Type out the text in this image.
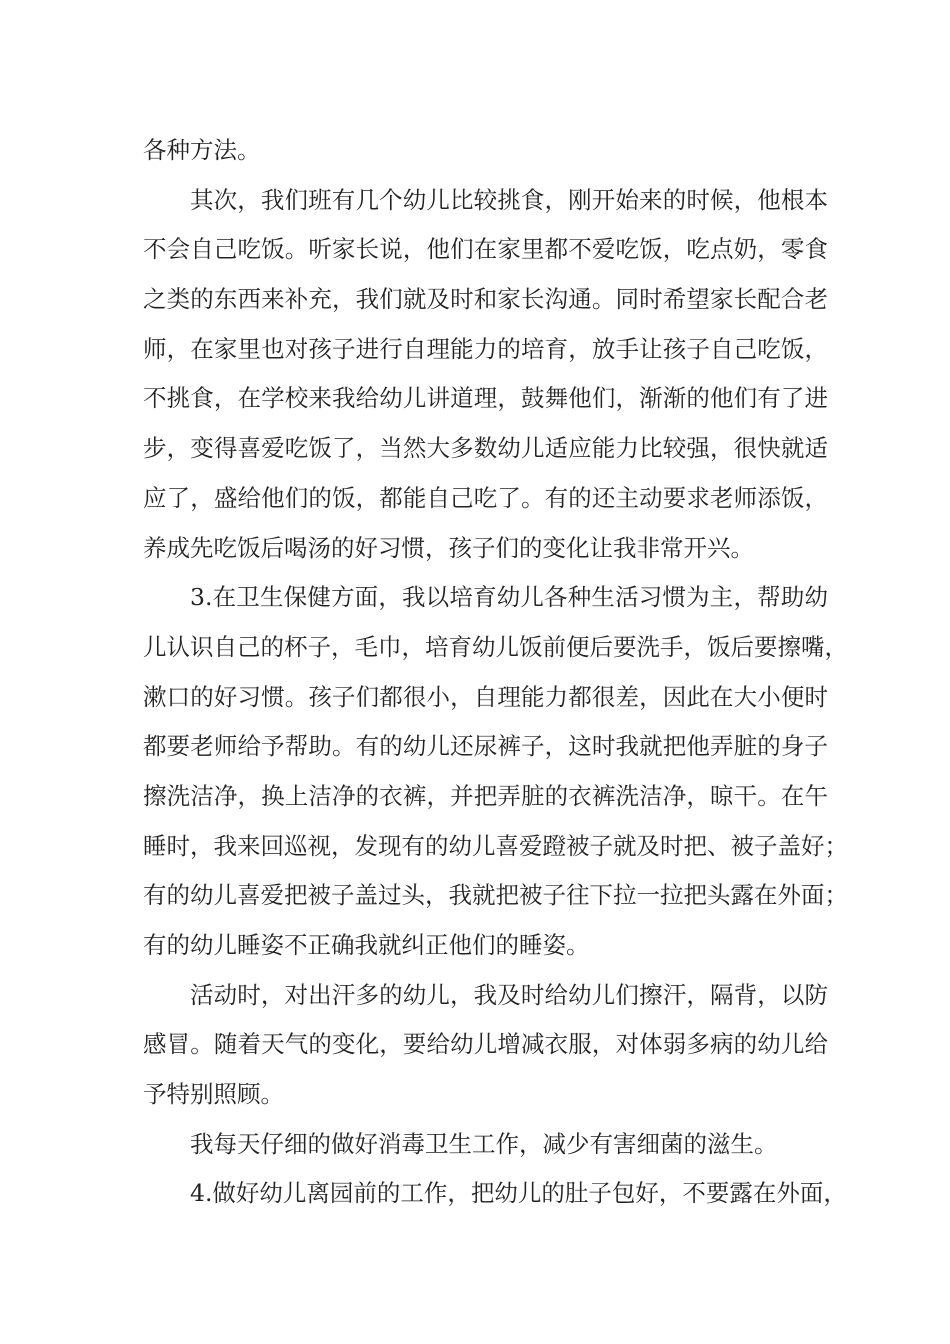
各种方法。
其次，我们班有几个幼儿比较挑食，刚开始来的时候，他根本
不会自己吃饭。听家长说，他们在家里都不爱吃饭，吃点奶，零食
之类的东西来补充，我们就及时和家长沟通。同时希望家长配合老
师，在家里也对孩子进行自理能力的培育，放手让孩子自己吃饭，
不挑食，在学校来我给幼儿讲道理，鼓舞他们，渐渐的他们有了进
步，变得喜爱吃饭了，当然大多数幼儿适应能力比较强，很快就适
应了，盛给他们的饭，都能自己吃了。有的还主动要求老师添饭，
养成先吃饭后喝汤的好习惯，孩子们的变化让我非常开兴。
3.在卫生保健方面，我以培育幼儿各种生活习惯为主，帮助幼
儿认识自己的杯子，毛巾，培育幼儿饭前便后要洗手，饭后要擦嘴，
漱口的好习惯。孩子们都很小，自理能力都很差，因此在大小便时
都要老师给予帮助。有的幼儿还尿裤子，这时我就把他弄脏的身子
擦洗洁净，换上洁净的衣裤，并把弄脏的衣裤洗洁净，晾干。在午
睡时，我来回巡视，发现有的幼儿喜爱蹬被子就及时把、被子盖好；
有的幼儿喜爱把被子盖过头，我就把被子往下拉一拉把头露在外面；
有的幼儿睡姿不正确我就纠正他们的睡姿。
活动时，对出汗多的幼儿，我及时给幼儿们擦汗，隔背，以防
感冒。随着天气的变化，要给幼儿增减衣服，对体弱多病的幼儿给
予特别照顾。
我每天仔细的做好消毒卫生工作，减少有害细菌的滋生。
4.做好幼儿离园前的工作，把幼儿的肚子包好，不要露在外面，
